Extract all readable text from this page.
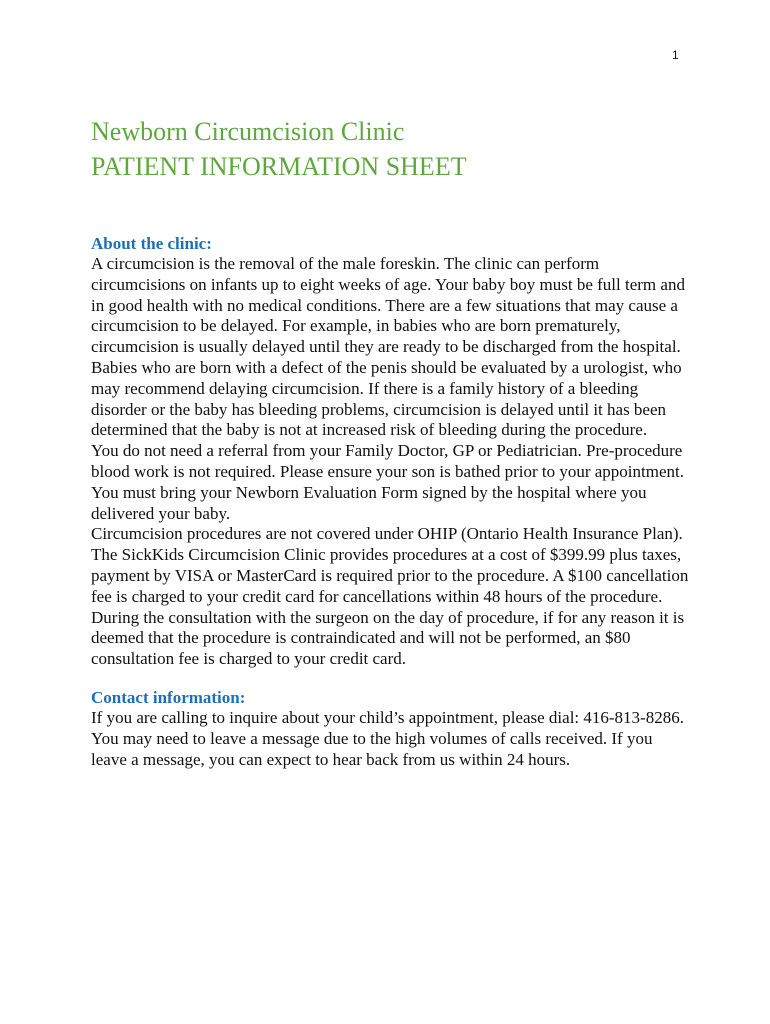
1
Newborn Circumcision Clinic
PATIENT INFORMATION SHEET
About the clinic:

A circumcision is the removal of the male foreskin. The clinic can perform circumcisions on infants up to eight weeks of age. Your baby boy must be full term and in good health with no medical conditions. There are a few situations that may cause a circumcision to be delayed. For example, in babies who are born prematurely, circumcision is usually delayed until they are ready to be discharged from the hospital. Babies who are born with a defect of the penis should be evaluated by a urologist, who may recommend delaying circumcision. If there is a family history of a bleeding disorder or the baby has bleeding problems, circumcision is delayed until it has been determined that the baby is not at increased risk of bleeding during the procedure.

You do not need a referral from your Family Doctor, GP or Pediatrician. Pre-procedure blood work is not required. Please ensure your son is bathed prior to your appointment. You must bring your Newborn Evaluation Form signed by the hospital where you delivered your baby.

Circumcision procedures are not covered under OHIP (Ontario Health Insurance Plan). The SickKids Circumcision Clinic provides procedures at a cost of $399.99 plus taxes, payment by VISA or MasterCard is required prior to the procedure. A $100 cancellation fee is charged to your credit card for cancellations within 48 hours of the procedure. During the consultation with the surgeon on the day of procedure, if for any reason it is deemed that the procedure is contraindicated and will not be performed, an $80 consultation fee is charged to your credit card.

Contact information:

If you are calling to inquire about your child’s appointment, please dial: 416-813-8286. You may need to leave a message due to the high volumes of calls received. If you leave a message, you can expect to hear back from us within 24 hours.
